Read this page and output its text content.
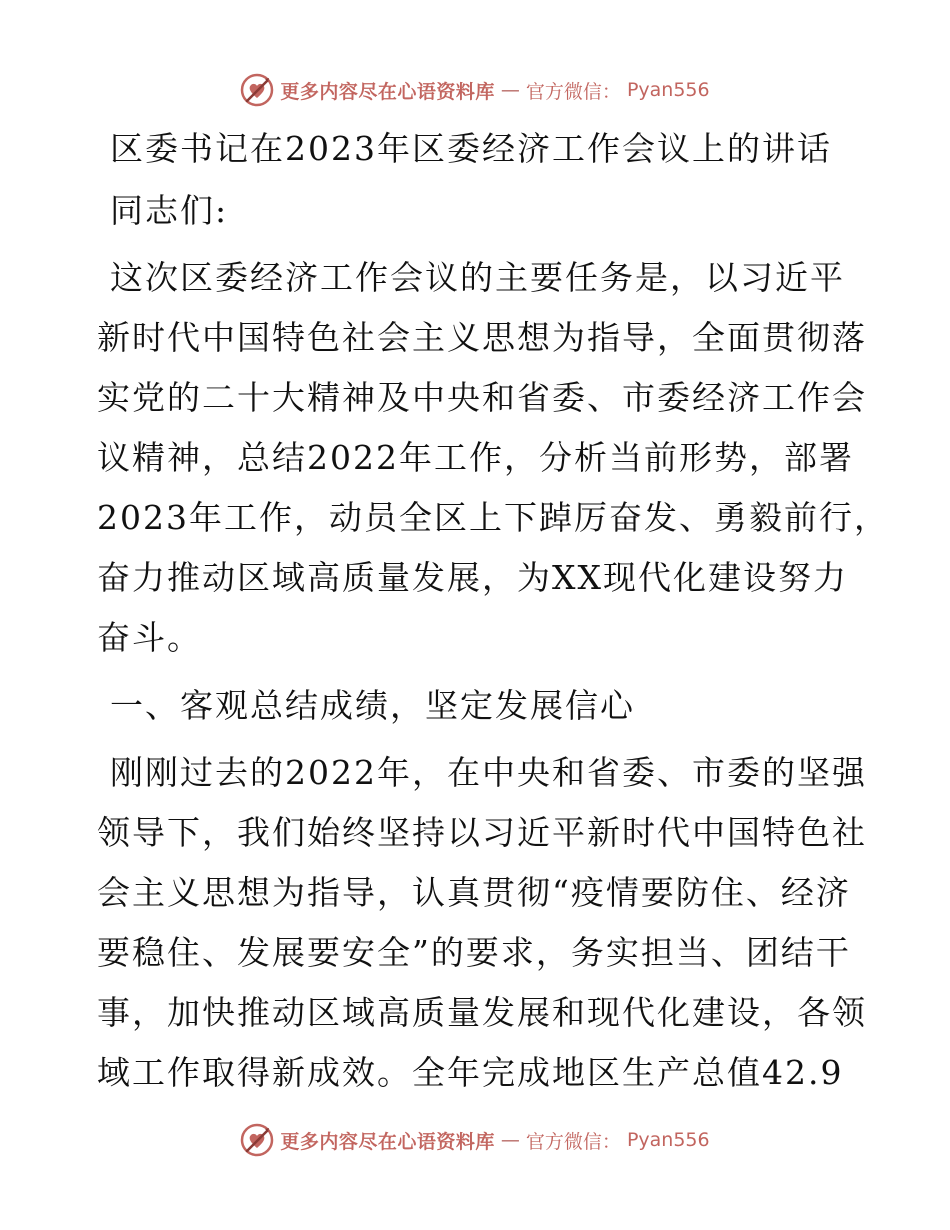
更多内容尽在心语资料库 — 官方微信： Pyan556
区委书记在2023年区委经济工作会议上的讲话
同志们:
这次区委经济工作会议的主要任务是，以习近平
新时代中国特色社会主义思想为指导，全面贯彻落
实党的二十大精神及中央和省委、市委经济工作会
议精神，总结2022年工作，分析当前形势，部署
2023年工作，动员全区上下踔厉奋发、勇毅前行，
奋力推动区域高质量发展，为XX现代化建设努力
奋斗。
一、客观总结成绩，坚定发展信心
刚刚过去的2022年，在中央和省委、市委的坚强
领导下，我们始终坚持以习近平新时代中国特色社
会主义思想为指导，认真贯彻“疫情要防住、经济
要稳住、发展要安全”的要求，务实担当、团结干
事，加快推动区域高质量发展和现代化建设，各领
域工作取得新成效。全年完成地区生产总值42.9
更多内容尽在心语资料库 — 官方微信： Pyan556
